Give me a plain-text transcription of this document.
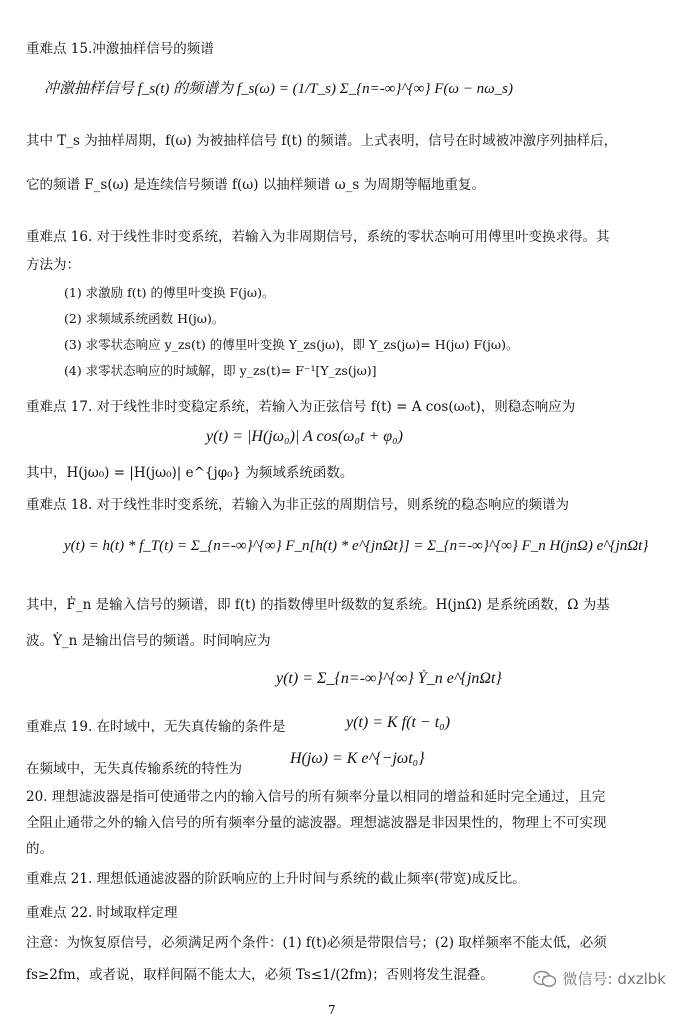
重难点 15.冲激抽样信号的频谱
冲激抽样信号 f_s(t) 的频谱为 f_s(ω) = (1/T_s) Σ_{n=-∞}^{∞} F(ω − nω_s)
其中 T_s 为抽样周期，f(ω) 为被抽样信号 f(t) 的频谱。上式表明，信号在时域被冲激序列抽样后，
它的频谱 F_s(ω) 是连续信号频谱 f(ω) 以抽样频谱 ω_s 为周期等幅地重复。
重难点 16. 对于线性非时变系统，若输入为非周期信号，系统的零状态响可用傅里叶变换求得。其
方法为：
(1) 求激励 f(t) 的傅里叶变换 F(jω)。
(2) 求频域系统函数 H(jω)。
(3) 求零状态响应 y_zs(t) 的傅里叶变换 Y_zs(jω)，即 Y_zs(jω)= H(jω) F(jω)。
(4) 求零状态响应的时域解，即 y_zs(t)= F⁻¹[Y_zs(jω)]
重难点 17. 对于线性非时变稳定系统，若输入为正弦信号 f(t) = A cos(ω₀t)，则稳态响应为
y(t) = |H(jω₀)| A cos(ω₀t + φ₀)
其中，H(jω₀) = |H(jω₀)| e^{jφ₀} 为频域系统函数。
重难点 18. 对于线性非时变系统，若输入为非正弦的周期信号，则系统的稳态响应的频谱为
y(t) = h(t) * f_T(t) = Σ_{n=-∞}^{∞} F_n[h(t) * e^{jnΩt}] = Σ_{n=-∞}^{∞} F_n H(jnΩ) e^{jnΩt}
其中，Ḟ_n 是输入信号的频谱，即 f(t) 的指数傅里叶级数的复系统。H(jnΩ) 是系统函数，Ω 为基
波。Ẏ_n 是输出信号的频谱。时间响应为
y(t) = Σ_{n=-∞}^{∞} Ẏ_n e^{jnΩt}
重难点 19. 在时域中，无失真传输的条件是	y(t) = K f(t − t₀)
在频域中，无失真传输系统的特性为
H(jω) = K e^{−jωt₀}
20. 理想滤波器是指可使通带之内的输入信号的所有频率分量以相同的增益和延时完全通过，且完
全阻止通带之外的输入信号的所有频率分量的滤波器。理想滤波器是非因果性的，物理上不可实现
的。
重难点 21. 理想低通滤波器的阶跃响应的上升时间与系统的截止频率(带宽)成反比。
重难点 22. 时域取样定理
注意：为恢复原信号，必须满足两个条件：(1) f(t)必须是带限信号；(2) 取样频率不能太低，必须
fs≥2fm，或者说，取样间隔不能太大，必须 Ts≤1/(2fm)；否则将发生混叠。	微信号: dxzlbk
7
